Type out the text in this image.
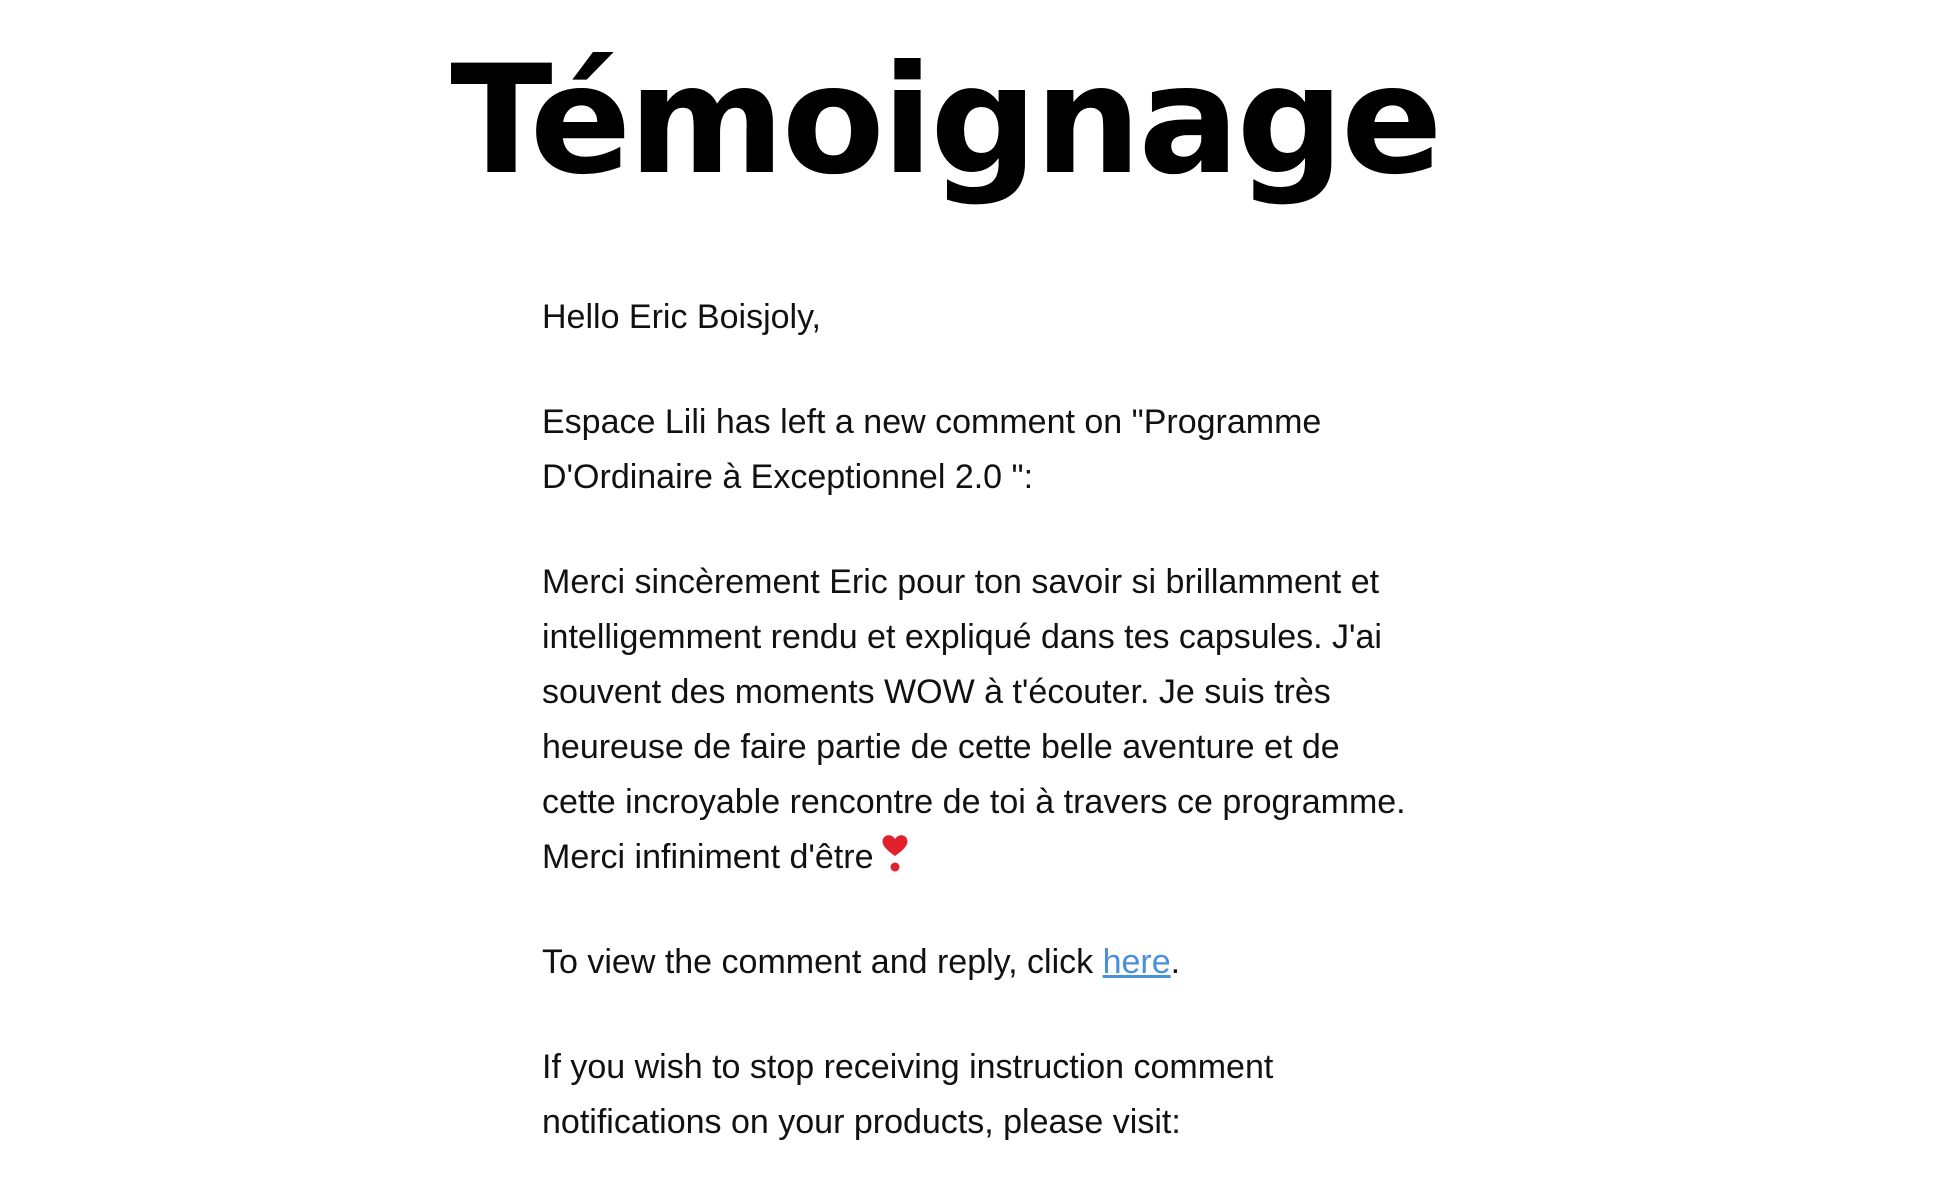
Témoignage

Hello Eric Boisjoly,

Espace Lili has left a new comment on "Programme D'Ordinaire à Exceptionnel 2.0 ":

Merci sincèrement Eric pour ton savoir si brillamment et intelligemment rendu et expliqué dans tes capsules. J'ai souvent des moments WOW à t'écouter. Je suis très heureuse de faire partie de cette belle aventure et de cette incroyable rencontre de toi à travers ce programme. Merci infiniment d'être

To view the comment and reply, click here.

If you wish to stop receiving instruction comment notifications on your products, please visit:
